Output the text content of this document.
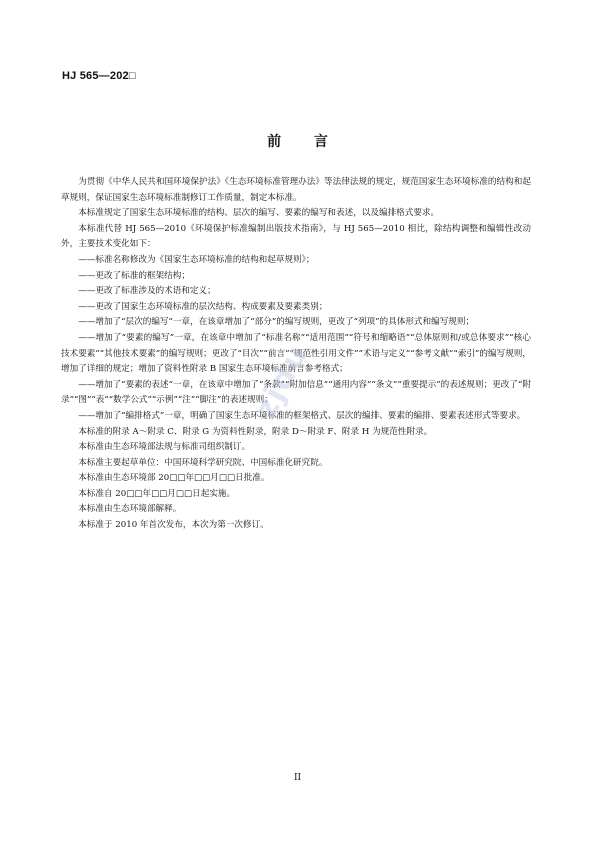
HJ 565—202□
前 言

为贯彻《中华人民共和国环境保护法》《生态环境标准管理办法》等法律法规的规定，规范国家生态环境标准的结构和起草规则，保证国家生态环境标准制修订工作质量，制定本标准。

本标准规定了国家生态环境标准的结构、层次的编写、要素的编写和表述，以及编排格式要求。

本标准代替 HJ 565—2010《环境保护标准编制出版技术指南》，与 HJ 565—2010 相比，除结构调整和编辑性改动外，主要技术变化如下：

——标准名称修改为《国家生态环境标准的结构和起草规则》；

——更改了标准的框架结构；

——更改了标准涉及的术语和定义；

——更改了国家生态环境标准的层次结构、构成要素及要素类别；

——增加了“层次的编写”一章，在该章增加了“部分”的编写规则，更改了“列项”的具体形式和编写规则；

——增加了“要素的编写”一章，在该章中增加了“标准名称”“适用范围”“符号和缩略语”“总体原则和/或总体要求”“核心技术要素”“其他技术要素”的编写规则；更改了“目次”“前言”“规范性引用文件”“术语与定义”“参考文献”“索引”的编写规则，增加了详细的规定；增加了资料性附录 B 国家生态环境标准前言参考格式；

——增加了“要素的表述”一章，在该章中增加了“条款”“附加信息”“通用内容”“条文”“重要提示”的表述规则；更改了“附录”“图”“表”“数学公式”“示例”“注”“脚注”的表述规则；

——增加了“编排格式”一章，明确了国家生态环境标准的框架格式、层次的编排、要素的编排、要素表述形式等要求。

本标准的附录 A～附录 C、附录 G 为资料性附录，附录 D～附录 F、附录 H 为规范性附录。

本标准由生态环境部法规与标准司组织制订。

本标准主要起草单位：中国环境科学研究院、中国标准化研究院。

本标准由生态环境部 20□□年□□月□□日批准。

本标准自 20□□年□□月□□日起实施。

本标准由生态环境部解释。

本标准于 2010 年首次发布，本次为第一次修订。

zjdu
II
